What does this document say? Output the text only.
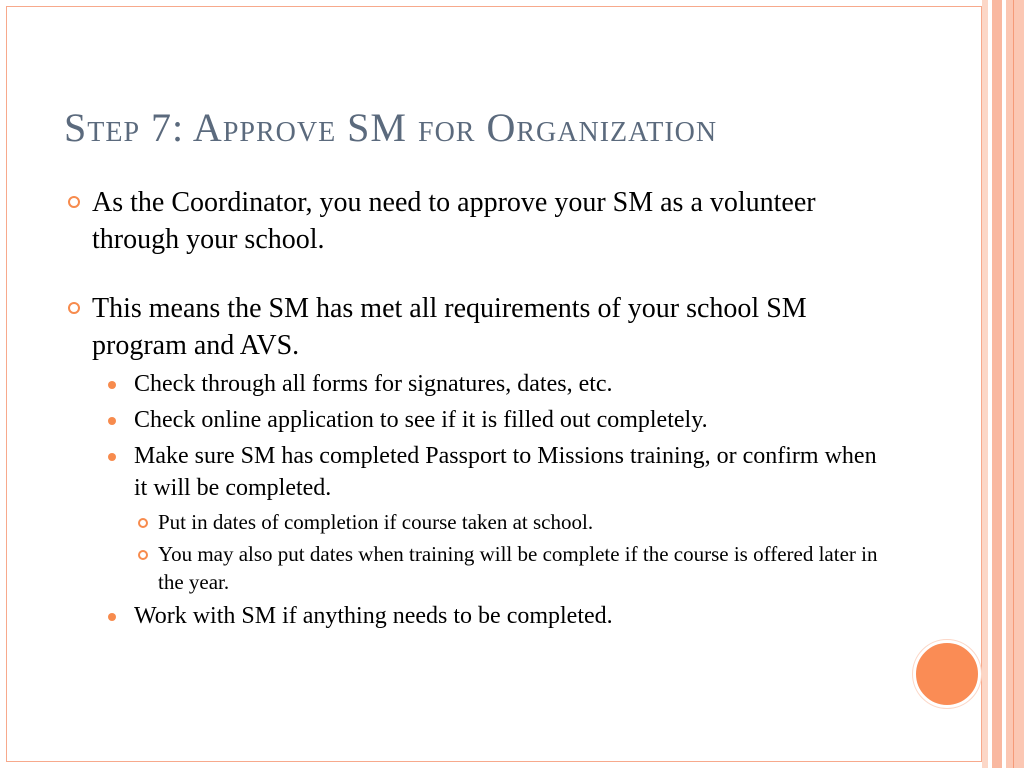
Step 7: Approve SM for Organization
As the Coordinator, you need to approve your SM as a volunteer through your school.
This means the SM has met all requirements of your school SM program and AVS.
Check through all forms for signatures, dates, etc.
Check online application to see if it is filled out completely.
Make sure SM has completed Passport to Missions training, or confirm when it will be completed.
Put in dates of completion if course taken at school.
You may also put dates when training will be complete if the course is offered later in the year.
Work with SM if anything needs to be completed.
